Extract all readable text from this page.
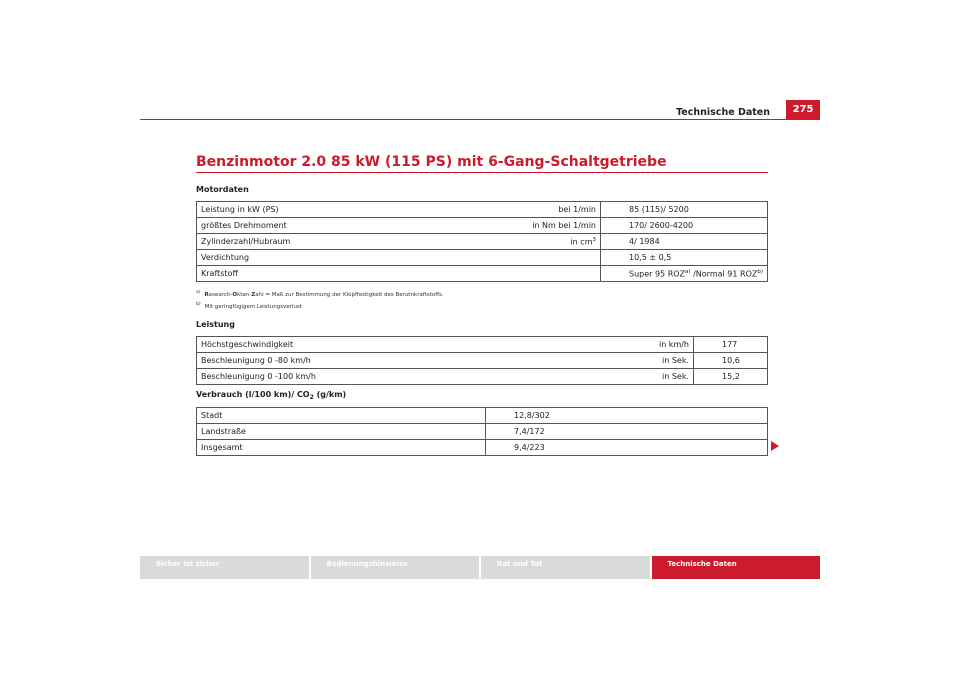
Technische Daten	275
Benzinmotor 2.0 85 kW (115 PS) mit 6-Gang-Schaltgetriebe
Motordaten
Leistung in kW (PS)	bei 1/min	85 (115)/ 5200
größtes Drehmoment	in Nm bei 1/min	170/ 2600-4200
Zylinderzahl/Hubraum	in $cm^3$	4/ 1984
Verdichtung		10,5 ± 0,5
Kraftstoff		Super 95 ROZ$^{a)}$ /Normal 91 ROZ$^{b)}$
$^{a)}$ Research-Oktan-Zahl = Maß zur Bestimmung der Klopffestigkeit des Benzinkraftstoffs.
$^{b)}$ Mit geringfügigem Leistungsverlust
Leistung
Höchstgeschwindigkeit	in km/h	177
Beschleunigung 0 -80 km/h	in Sek.	10,6
Beschleunigung 0 -100 km/h	in Sek.	15,2
Verbrauch (l/100 km)/ $CO_2$ (g/km)
Stadt	12,8/302
Landstraße	7,4/172
Insgesamt	9,4/223
Sicher ist sicher	Bedienungshinweise	Rat und Tat	Technische Daten
